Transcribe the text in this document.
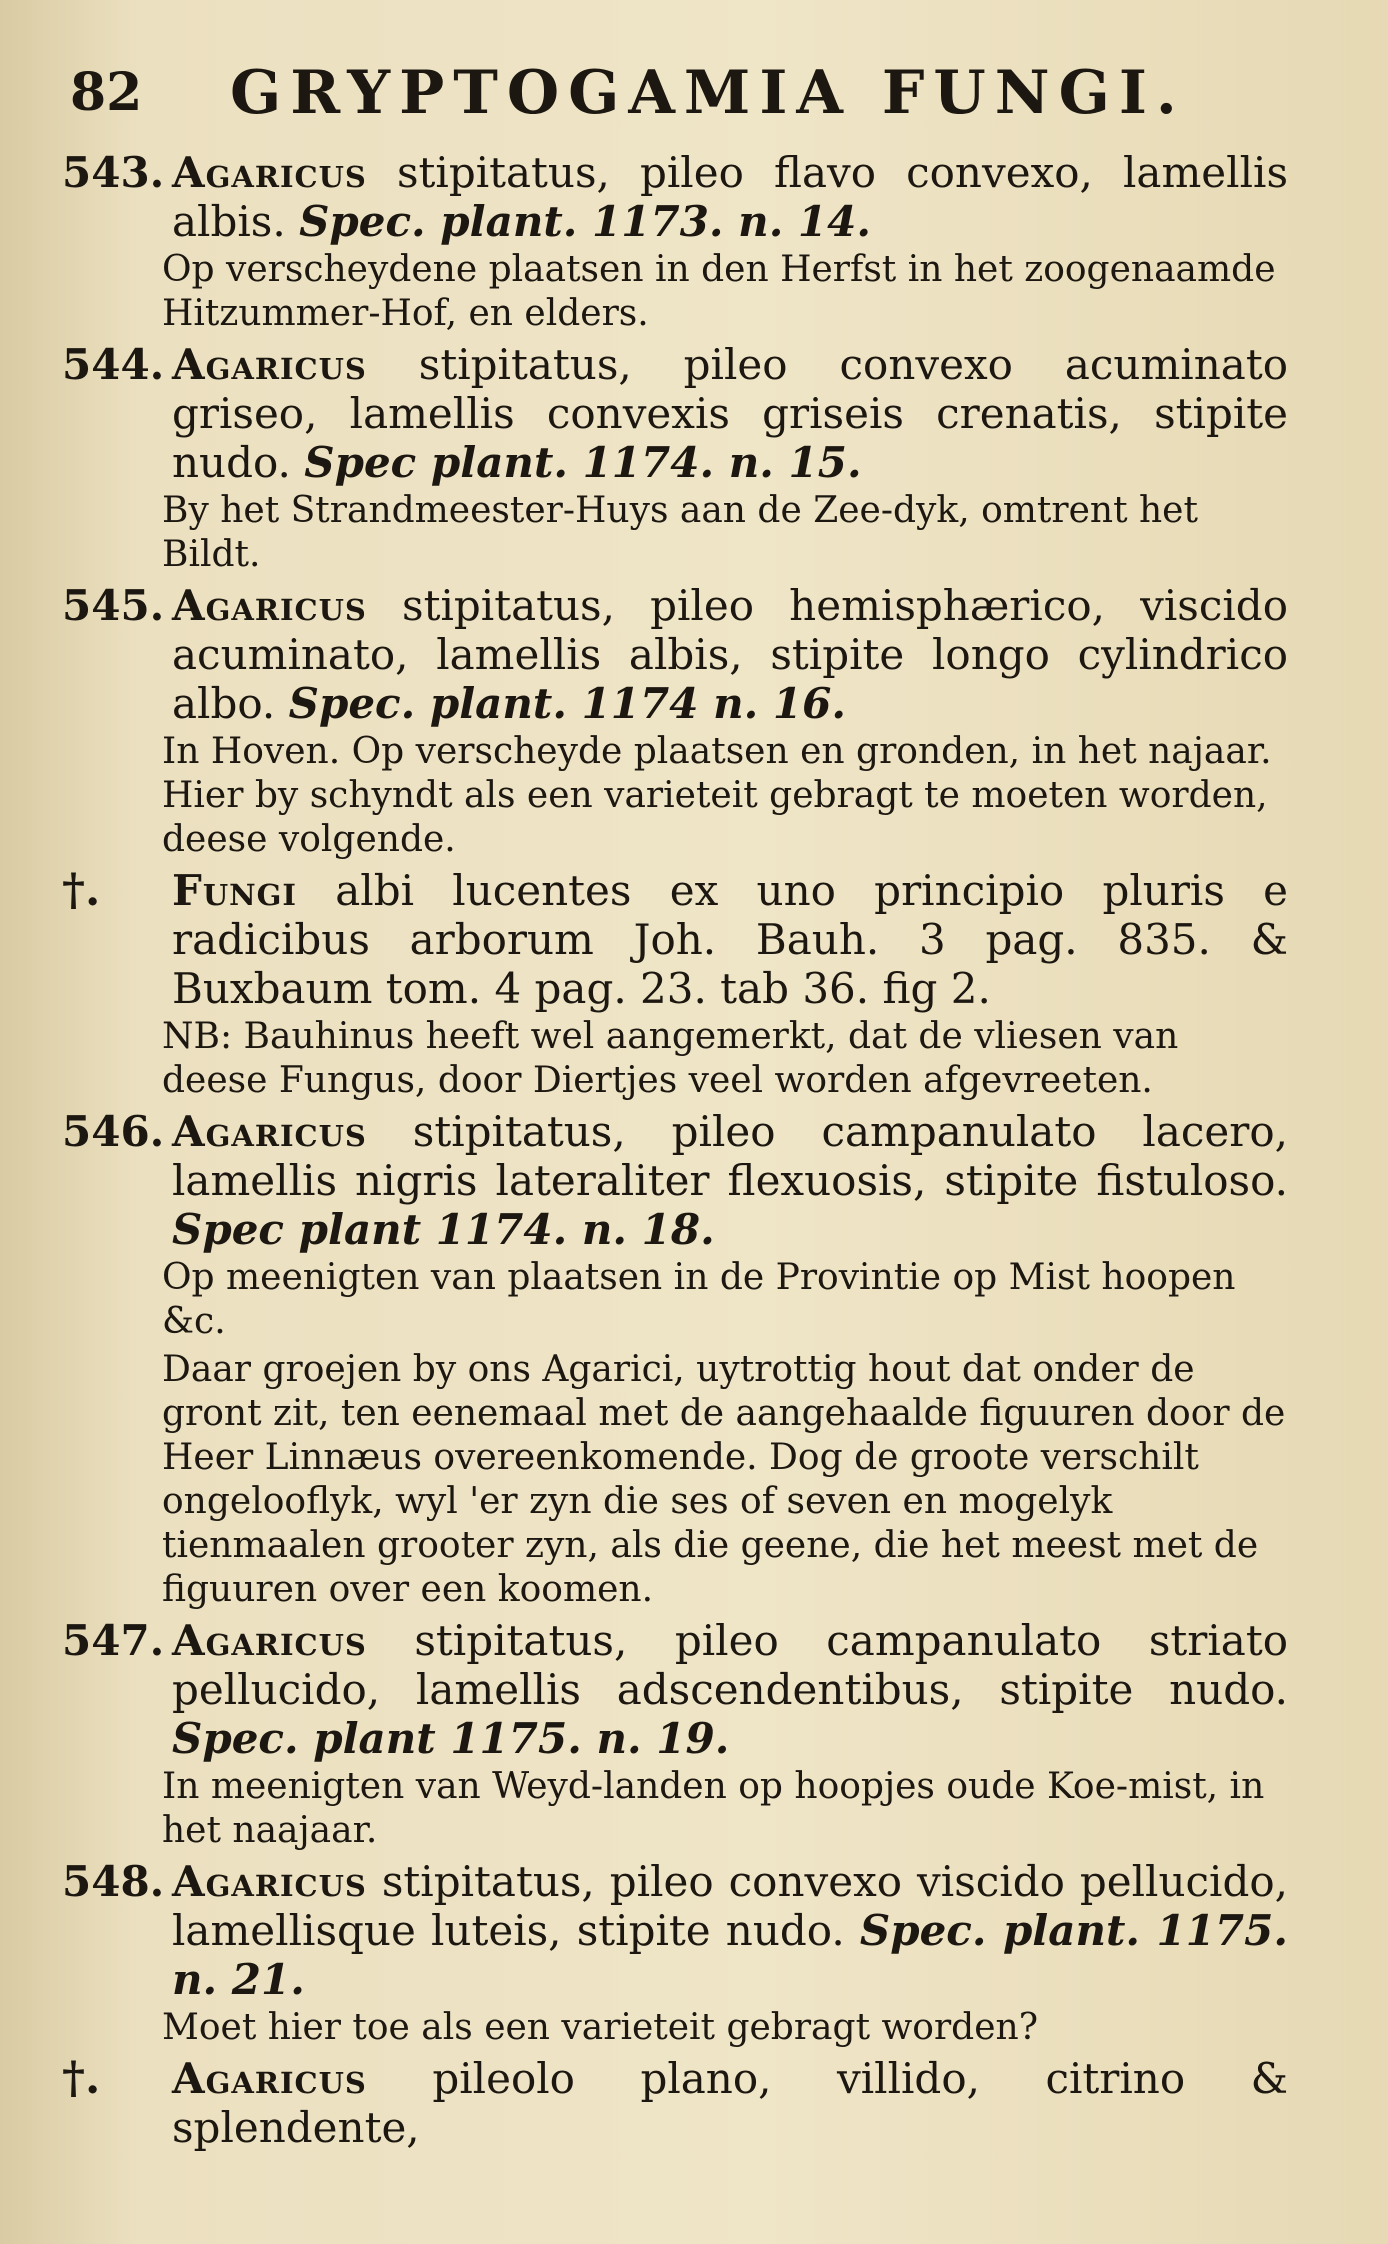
82 GRYPTOGAMIA FUNGI.
543. Agaricus stipitatus, pileo flavo convexo, lamellis albis. Spec. plant. 1173. n. 14.
Op verscheydene plaatsen in den Herfst in het zoogenaamde Hitzummer-Hof, en elders.
544. Agaricus stipitatus, pileo convexo acuminato griseo, lamellis convexis griseis crenatis, stipite nudo. Spec plant. 1174. n. 15.
By het Strandmeester-Huys aan de Zee-dyk, omtrent het Bildt.
545. Agaricus stipitatus, pileo hemisphærico, viscido acuminato, lamellis albis, stipite longo cylindrico albo. Spec. plant. 1174 n. 16.
In Hoven. Op verscheyde plaatsen en gronden, in het najaar. Hier by schyndt als een varieteit gebragt te moeten worden, deese volgende.
†. Fungi albi lucentes ex uno principio pluris e radicibus arborum Joh. Bauh. 3 pag. 835. & Buxbaum tom. 4 pag. 23. tab 36. fig 2.
NB: Bauhinus heeft wel aangemerkt, dat de vliesen van deese Fungus, door Diertjes veel worden afgevreeten.
546. Agaricus stipitatus, pileo campanulato lacero, lamellis nigris lateraliter flexuosis, stipite fistuloso. Spec plant 1174. n. 18.
Op meenigten van plaatsen in de Provintie op Mist hoopen &c.
Daar groejen by ons Agarici, uytrottig hout dat onder de gront zit, ten eenemaal met de aangehaalde figuuren door de Heer Linnæus overeenkomende. Dog de groote verschilt ongelooflyk, wyl 'er zyn die ses of seven en mogelyk tienmaalen grooter zyn, als die geene, die het meest met de figuuren over een koomen.
547. Agaricus stipitatus, pileo campanulato striato pellucido, lamellis adscendentibus, stipite nudo. Spec. plant 1175. n. 19.
In meenigten van Weyd-landen op hoopjes oude Koe-mist, in het naajaar.
548. Agaricus stipitatus, pileo convexo viscido pellucido, lamellisque luteis, stipite nudo. Spec. plant. 1175. n. 21.
Moet hier toe als een varieteit gebragt worden?
†. Agaricus pileolo plano, villido, citrino & splendente,
